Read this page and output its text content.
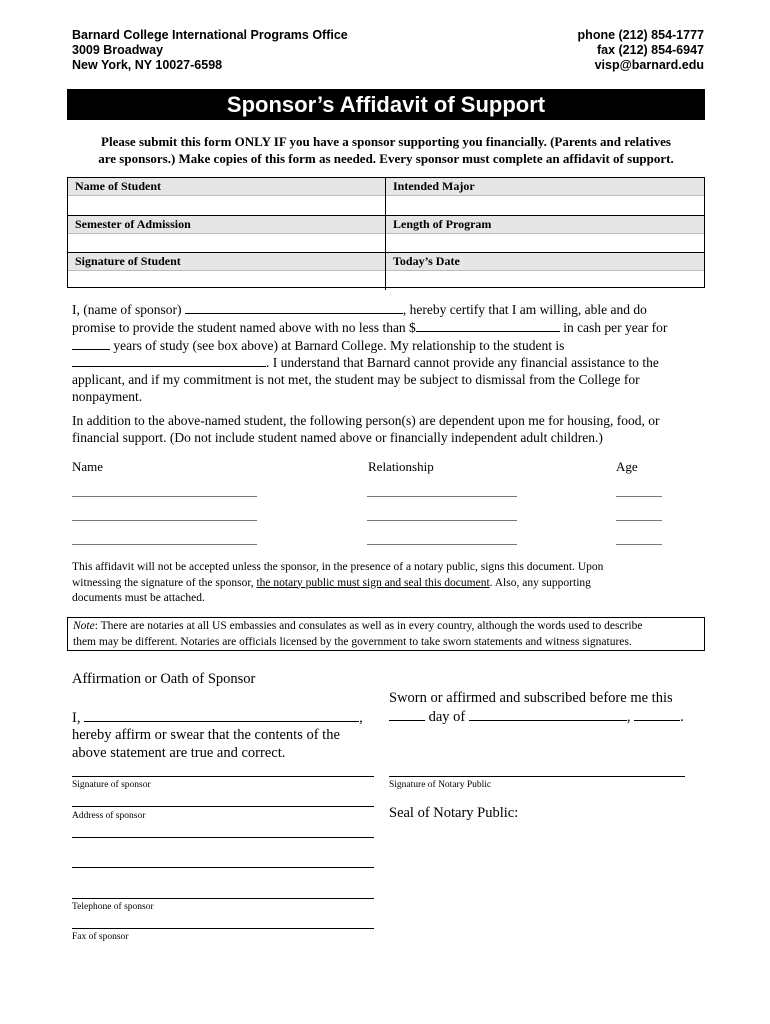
Barnard College International Programs Office
3009 Broadway
New York, NY 10027-6598
phone (212) 854-1777
fax (212) 854-6947
visp@barnard.edu
Sponsor’s Affidavit of Support
Please submit this form ONLY IF you have a sponsor supporting you financially. (Parents and relatives
are sponsors.) Make copies of this form as needed. Every sponsor must complete an affidavit of support.
Name of Student	Intended Major
Semester of Admission	Length of Program
Signature of Student	Today’s Date
I, (name of sponsor)	, hereby certify that I am willing, able and do
promise to provide the student named above with no less than $	in cash per year for
years of study (see box above) at Barnard College. My relationship to the student is
. I understand that Barnard cannot provide any financial assistance to the
applicant, and if my commitment is not met, the student may be subject to dismissal from the College for
nonpayment.
In addition to the above-named student, the following person(s) are dependent upon me for housing, food, or
financial support. (Do not include student named above or financially independent adult children.)
Name	Relationship	Age
This affidavit will not be accepted unless the sponsor, in the presence of a notary public, signs this document. Upon
witnessing the signature of the sponsor, the notary public must sign and seal this document. Also, any supporting
documents must be attached.
Note: There are notaries at all US embassies and consulates as well as in every country, although the words used to describe
them may be different. Notaries are officials licensed by the government to take sworn statements and witness signatures.
Affirmation or Oath of Sponsor
I,	,
hereby affirm or swear that the contents of the
above statement are true and correct.
Signature of sponsor
Address of sponsor
Telephone of sponsor
Fax of sponsor
Sworn or affirmed and subscribed before me this
day of	,	.
Signature of Notary Public
Seal of Notary Public:
